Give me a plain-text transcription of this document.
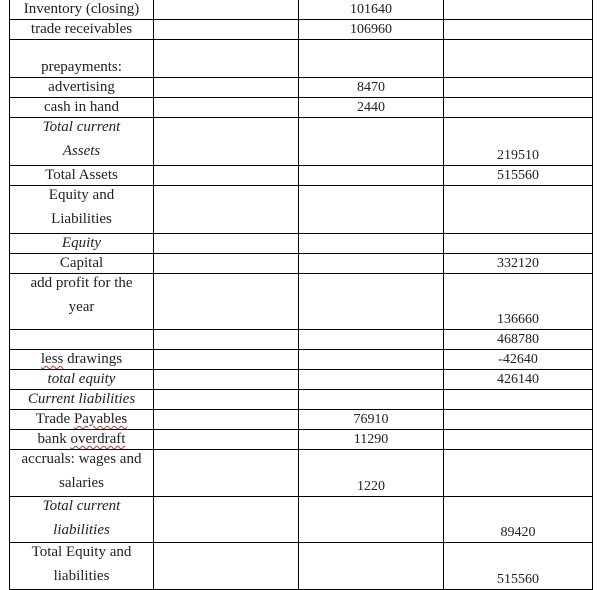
Inventory (closing)		101640	

trade receivables		106960	

prepayments:			

advertising		8470	

cash in hand		2440	

Total current
Assets			219510

Total Assets			515560

Equity and
Liabilities			

Equity			

Capital			332120

add profit for the
year			136660

			468780

less drawings			-42640

total equity			426140

Current liabilities			

Trade Payables		76910	

bank overdraft		11290	

accruals: wages and
salaries		1220	

Total current
liabilities			89420

Total Equity and
liabilities			515560
